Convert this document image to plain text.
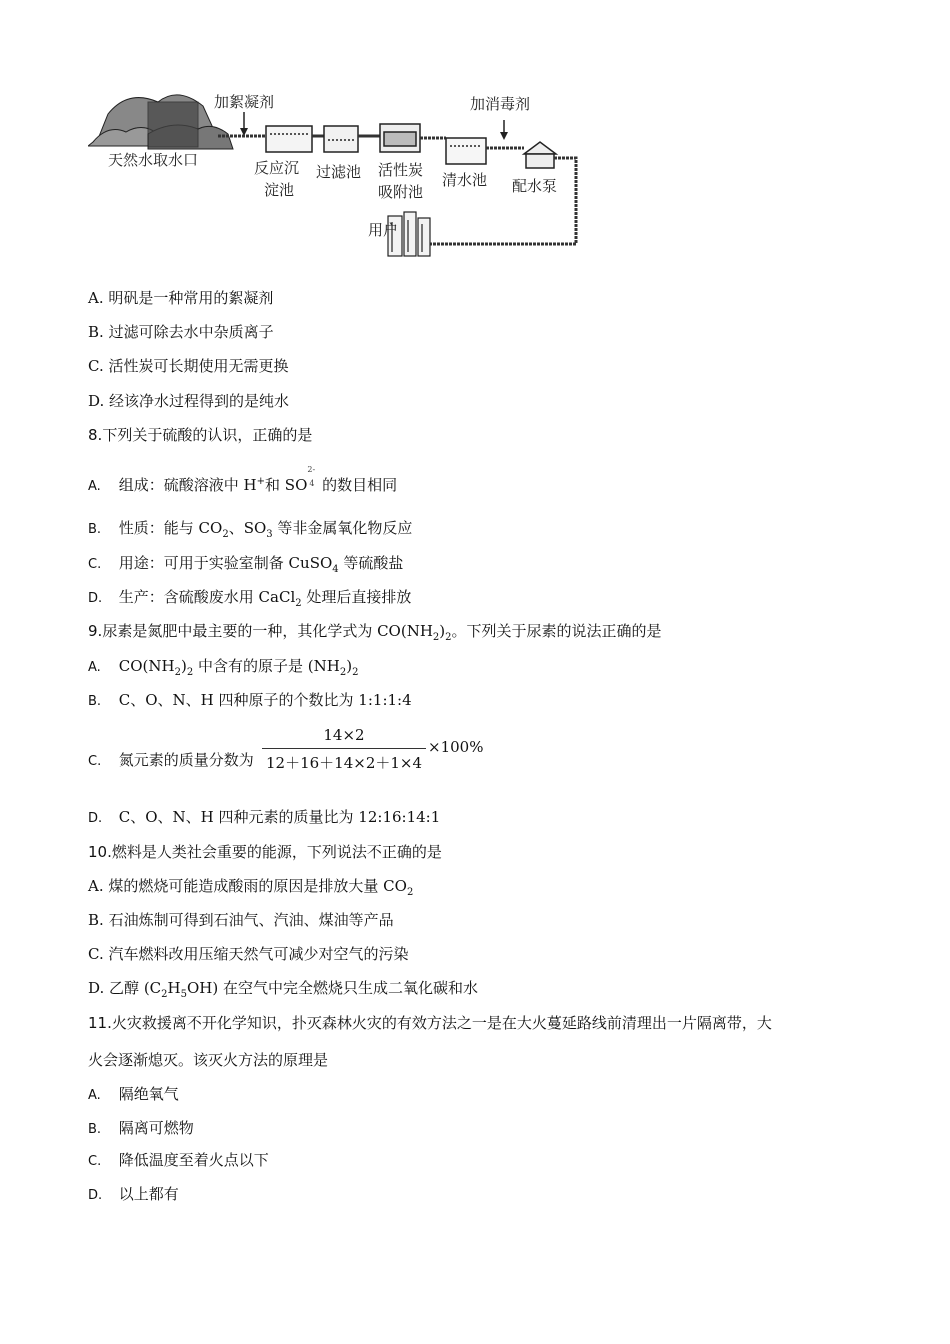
加絮凝剂
天然水取水口	反应沉
淀池
过滤池 活性炭
吸附池
清水池
加消毒剂
配水泵
用户
A. 明矾是一种常用的絮凝剂
B. 过滤可除去水中杂质离子
C. 活性炭可长期使用无需更换
D. 经该净水过程得到的是纯水
8.下列关于硫酸的认识，正确的是
A. 组成：硫酸溶液中 H+和 SO
2-
4 的数目相同
B. 性质：能与 $CO_2$、$SO_3$ 等非金属氧化物反应
C. 用途：可用于实验室制备 CuSO$_4$ 等硫酸盐
D. 生产：含硫酸废水用 CaCl$_2$ 处理后直接排放
9.尿素是氮肥中最主要的一种，其化学式为 $CO(NH_2)_2$。下列关于尿素的说法正确的是
A. $CO(NH_2)_2$ 中含有的原子是 $(NH_2)_2$
B. C、O、N、H 四种原子的个数比为 1:1:1:4
C. 氮元素的质量分数为
14×2
12＋16＋14×2＋1×4
×100%
D. C、O、N、H 四种元素的质量比为 12:16:14:1
10.燃料是人类社会重要的能源，下列说法不正确的是
A. 煤的燃烧可能造成酸雨的原因是排放大量 $CO_2$
B. 石油炼制可得到石油气、汽油、煤油等产品
C. 汽车燃料改用压缩天然气可减少对空气的污染
D. 乙醇 $(C_2H_5OH)$ 在空气中完全燃烧只生成二氧化碳和水
11.火灾救援离不开化学知识，扑灭森林火灾的有效方法之一是在大火蔓延路线前清理出一片隔离带，大
火会逐渐熄灭。该灭火方法的原理是
A. 隔绝氧气
B. 隔离可燃物
C. 降低温度至着火点以下
D. 以上都有
